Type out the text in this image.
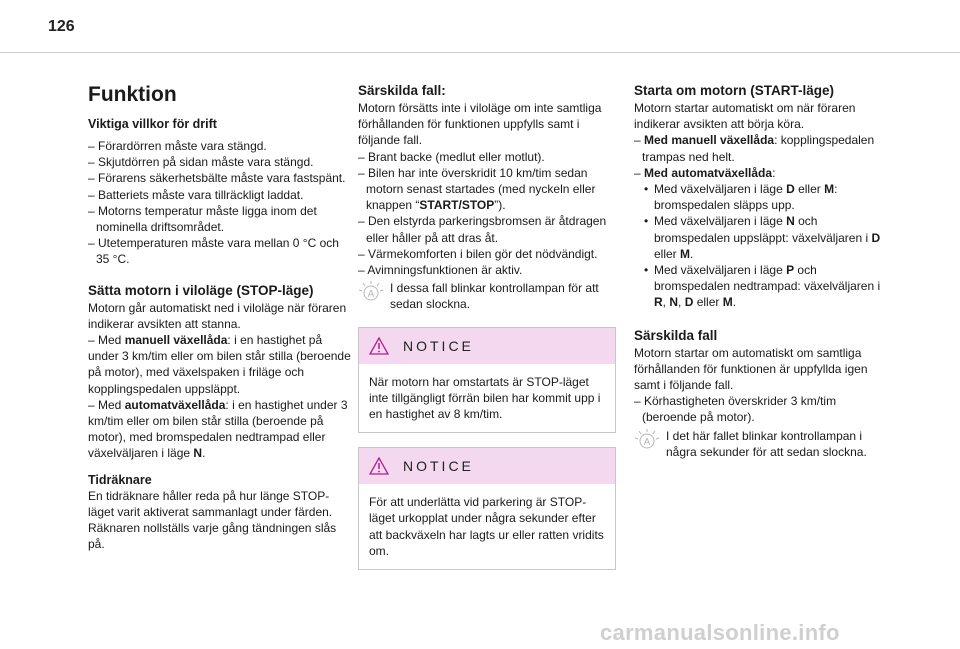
126
Funktion
Viktiga villkor för drift

– Förardörren måste vara stängd.

– Skjutdörren på sidan måste vara stängd.

– Förarens säkerhetsbälte måste vara fastspänt.

– Batteriets måste vara tillräckligt laddat.

– Motorns temperatur måste ligga inom det nominella driftsområdet.

– Utetemperaturen måste vara mellan 0 °C och 35 °C.

Sätta motorn i viloläge (STOP-läge)

Motorn går automatiskt ned i viloläge när föraren indikerar avsikten att stanna.

– Med manuell växellåda: i en hastighet på under 3 km/tim eller om bilen står stilla (beroende på motor), med växelspaken i friläge och kopplingspedalen uppsläppt.

– Med automatväxellåda: i en hastighet under 3 km/tim eller om bilen står stilla (beroende på motor), med bromspedalen nedtrampad eller växelväljaren i läge N.

Tidräknare

En tidräknare håller reda på hur länge STOP-läget varit aktiverat sammanlagt under färden. Räknaren nollställs varje gång tändningen slås på.

Särskilda fall:

Motorn försätts inte i viloläge om inte samtliga förhållanden för funktionen uppfylls samt i följande fall.

– Brant backe (medlut eller motlut).

– Bilen har inte överskridit 10 km/tim sedan motorn senast startades (med nyckeln eller knappen “START/STOP”).

– Den elstyrda parkeringsbromsen är åtdragen eller håller på att dras åt.

– Värmekomforten i bilen gör det nödvändigt.

– Avimningsfunktionen är aktiv.

A I dessa fall blinkar kontrollampan för att sedan slockna.

NOTICE
När motorn har omstartats är STOP-läget inte tillgängligt förrän bilen har kommit upp i en hastighet av 8 km/tim.
NOTICE
För att underlätta vid parkering är STOP-läget urkopplat under några sekunder efter att backväxeln har lagts ur eller ratten vridits om.
Starta om motorn (START-läge)

Motorn startar automatiskt om när föraren indikerar avsikten att börja köra.

– Med manuell växellåda: kopplingspedalen trampas ned helt.

– Med automatväxellåda:

• Med växelväljaren i läge D eller M: bromspedalen släpps upp.

• Med växelväljaren i läge N och bromspedalen uppsläppt: växelväljaren i D eller M.

• Med växelväljaren i läge P och bromspedalen nedtrampad: växelväljaren i R, N, D eller M.

Särskilda fall

Motorn startar om automatiskt om samtliga förhållanden för funktionen är uppfyllda igen samt i följande fall.

– Körhastigheten överskrider 3 km/tim (beroende på motor).

A I det här fallet blinkar kontrollampan i några sekunder för att sedan slockna.

carmanualsonline.info
